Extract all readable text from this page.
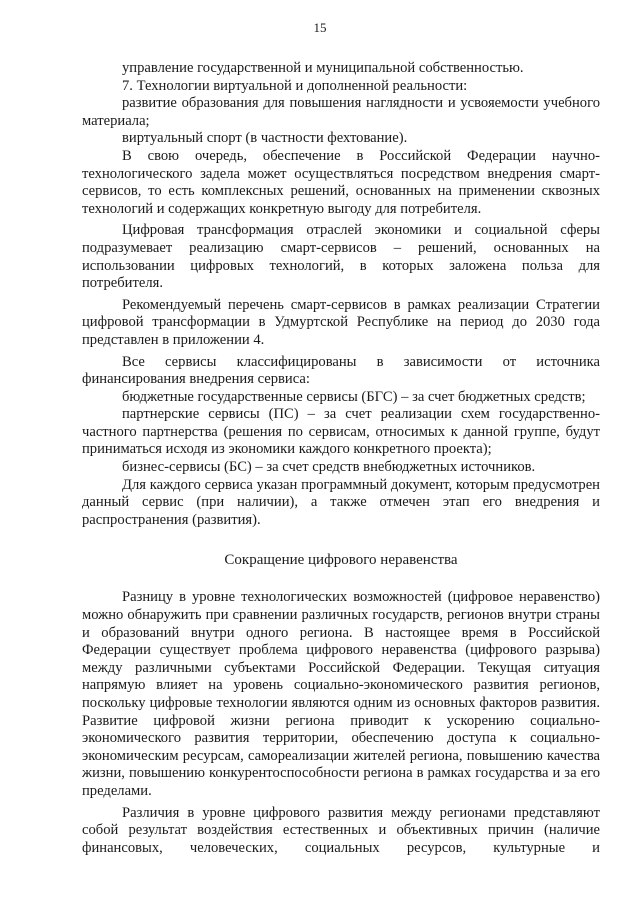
15

управление государственной и муниципальной собственностью.

7. Технологии виртуальной и дополненной реальности:

развитие образования для повышения наглядности и усвояемости учебного материала;

виртуальный спорт (в частности фехтование).

В свою очередь, обеспечение в Российской Федерации научно-технологического задела может осуществляться посредством внедрения смарт-сервисов, то есть комплексных решений, основанных на применении сквозных технологий и содержащих конкретную выгоду для потребителя.

Цифровая трансформация отраслей экономики и социальной сферы подразумевает реализацию смарт-сервисов – решений, основанных на использовании цифровых технологий, в которых заложена польза для потребителя.

Рекомендуемый перечень смарт-сервисов в рамках реализации Стратегии цифровой трансформации в Удмуртской Республике на период до 2030 года представлен в приложении 4.

Все сервисы классифицированы в зависимости от источника финансирования внедрения сервиса:

бюджетные государственные сервисы (БГС) – за счет бюджетных средств;

партнерские сервисы (ПС) – за счет реализации схем государственно-частного партнерства (решения по сервисам, относимых к данной группе, будут приниматься исходя из экономики каждого конкретного проекта);

бизнес-сервисы (БС) – за счет средств внебюджетных источников.

Для каждого сервиса указан программный документ, которым предусмотрен данный сервис (при наличии), а также отмечен этап его внедрения и распространения (развития).

Сокращение цифрового неравенства

Разницу в уровне технологических возможностей (цифровое неравенство) можно обнаружить при сравнении различных государств, регионов внутри страны и образований внутри одного региона. В настоящее время в Российской Федерации существует проблема цифрового неравенства (цифрового разрыва) между различными субъектами Российской Федерации. Текущая ситуация напрямую влияет на уровень социально-экономического развития регионов, поскольку цифровые технологии являются одним из основных факторов развития. Развитие цифровой жизни региона приводит к ускорению социально-экономического развития территории, обеспечению доступа к социально-экономическим ресурсам, самореализации жителей региона, повышению качества жизни, повышению конкурентоспособности региона в рамках государства и за его пределами.

Различия в уровне цифрового развития между регионами представляют собой результат воздействия естественных и объективных причин (наличие финансовых, человеческих, социальных ресурсов, культурные и
